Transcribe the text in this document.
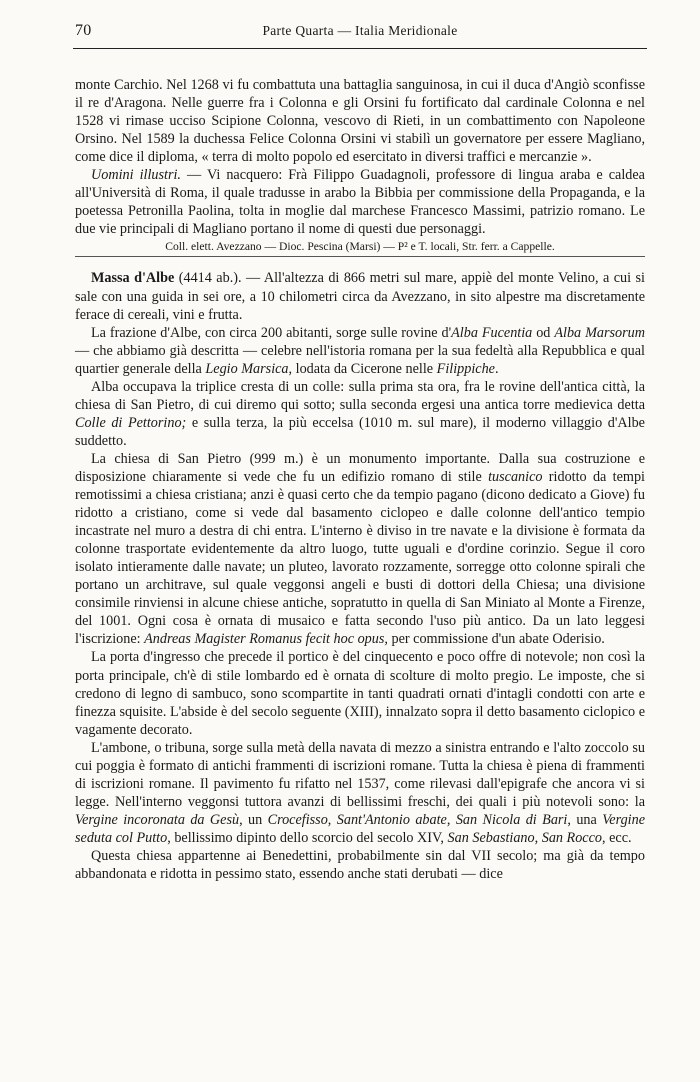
70	Parte Quarta — Italia Meridionale

monte Carchio. Nel 1268 vi fu combattuta una battaglia sanguinosa, in cui il duca d'Angiò sconfisse il re d'Aragona. Nelle guerre fra i Colonna e gli Orsini fu fortificato dal cardinale Colonna e nel 1528 vi rimase ucciso Scipione Colonna, vescovo di Rieti, in un combattimento con Napoleone Orsino. Nel 1589 la duchessa Felice Colonna Orsini vi stabilì un governatore per essere Magliano, come dice il diploma, « terra di molto popolo ed esercitato in diversi traffici e mercanzie ».

Uomini illustri. — Vi nacquero: Frà Filippo Guadagnoli, professore di lingua araba e caldea all'Università di Roma, il quale tradusse in arabo la Bibbia per commissione della Propaganda, e la poetessa Petronilla Paolina, tolta in moglie dal marchese Francesco Massimi, patrizio romano. Le due vie principali di Magliano portano il nome di questi due personaggi.

Coll. elett. Avezzano — Dioc. Pescina (Marsi) — P² e T. locali, Str. ferr. a Cappelle.

Massa d'Albe (4414 ab.). — All'altezza di 866 metri sul mare, appiè del monte Velino, a cui si sale con una guida in sei ore, a 10 chilometri circa da Avezzano, in sito alpestre ma discretamente ferace di cereali, vini e frutta.

La frazione d'Albe, con circa 200 abitanti, sorge sulle rovine d'Alba Fucentia od Alba Marsorum — che abbiamo già descritta — celebre nell'istoria romana per la sua fedeltà alla Repubblica e qual quartier generale della Legio Marsica, lodata da Cicerone nelle Filippiche.

Alba occupava la triplice cresta di un colle: sulla prima sta ora, fra le rovine dell'antica città, la chiesa di San Pietro, di cui diremo qui sotto; sulla seconda ergesi una antica torre medievica detta Colle di Pettorino; e sulla terza, la più eccelsa (1010 m. sul mare), il moderno villaggio d'Albe suddetto.

La chiesa di San Pietro (999 m.) è un monumento importante. Dalla sua costruzione e disposizione chiaramente si vede che fu un edifizio romano di stile tuscanico ridotto da tempi remotissimi a chiesa cristiana; anzi è quasi certo che da tempio pagano (dicono dedicato a Giove) fu ridotto a cristiano, come si vede dal basamento ciclopeo e dalle colonne dell'antico tempio incastrate nel muro a destra di chi entra. L'interno è diviso in tre navate e la divisione è formata da colonne trasportate evidentemente da altro luogo, tutte uguali e d'ordine corinzio. Segue il coro isolato intieramente dalle navate; un pluteo, lavorato rozzamente, sorregge otto colonne spirali che portano un architrave, sul quale veggonsi angeli e busti di dottori della Chiesa; una divisione consimile rinviensi in alcune chiese antiche, sopratutto in quella di San Miniato al Monte a Firenze, del 1001. Ogni cosa è ornata di musaico e fatta secondo l'uso più antico. Da un lato leggesi l'iscrizione: Andreas Magister Romanus fecit hoc opus, per commissione d'un abate Oderisio.

La porta d'ingresso che precede il portico è del cinquecento e poco offre di notevole; non così la porta principale, ch'è di stile lombardo ed è ornata di scolture di molto pregio. Le imposte, che si credono di legno di sambuco, sono scompartite in tanti quadrati ornati d'intagli condotti con arte e finezza squisite. L'abside è del secolo seguente (XIII), innalzato sopra il detto basamento ciclopico e vagamente decorato.

L'ambone, o tribuna, sorge sulla metà della navata di mezzo a sinistra entrando e l'alto zoccolo su cui poggia è formato di antichi frammenti di iscrizioni romane. Tutta la chiesa è piena di frammenti di iscrizioni romane. Il pavimento fu rifatto nel 1537, come rilevasi dall'epigrafe che ancora vi si legge. Nell'interno veggonsi tuttora avanzi di bellissimi freschi, dei quali i più notevoli sono: la Vergine incoronata da Gesù, un Crocefisso, Sant'Antonio abate, San Nicola di Bari, una Vergine seduta col Putto, bellissimo dipinto dello scorcio del secolo XIV, San Sebastiano, San Rocco, ecc.

Questa chiesa appartenne ai Benedettini, probabilmente sin dal VII secolo; ma già da tempo abbandonata e ridotta in pessimo stato, essendo anche stati derubati — dice
